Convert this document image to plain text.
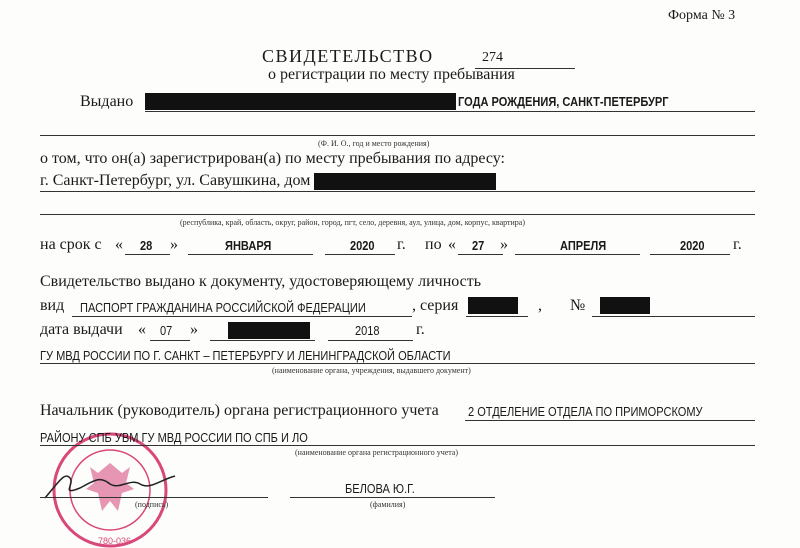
Форма № 3
СВИДЕТЕЛЬСТВО	274
о регистрации по месту пребывания
Выдано	ГОДА РОЖДЕНИЯ, САНКТ-ПЕТЕРБУРГ
(Ф. И. О., год и место рождения)
о том, что он(а) зарегистрирован(а) по месту пребывания по адресу:
г. Санкт-Петербург, ул. Савушкина, дом
(республика, край, область, округ, район, город, пгт, село, деревня, аул, улица, дом, корпус, квартира)
на срок с « 28 »	ЯНВАРЯ	2020 г. по « 27 »	АПРЕЛЯ	2020 г.
Свидетельство выдано к документу, удостоверяющему личность
вид ПАСПОРТ ГРАЖДАНИНА РОССИЙСКОЙ ФЕДЕРАЦИИ	, серия	, №
дата выдачи « 07 »	2018 г.
ГУ МВД РОССИИ ПО Г. САНКТ – ПЕТЕРБУРГУ И ЛЕНИНГРАДСКОЙ ОБЛАСТИ
(наименование органа, учреждения, выдавшего документ)
780-036
Начальник (руководитель) органа регистрационного учета 2 ОТДЕЛЕНИЕ ОТДЕЛА ПО ПРИМОРСКОМУ
РАЙОНУ СПБ УВМ ГУ МВД РОССИИ ПО СПБ И ЛО
(наименование органа регистрационного учета)
(подпись)
БЕЛОВА Ю.Г.
(фамилия)
